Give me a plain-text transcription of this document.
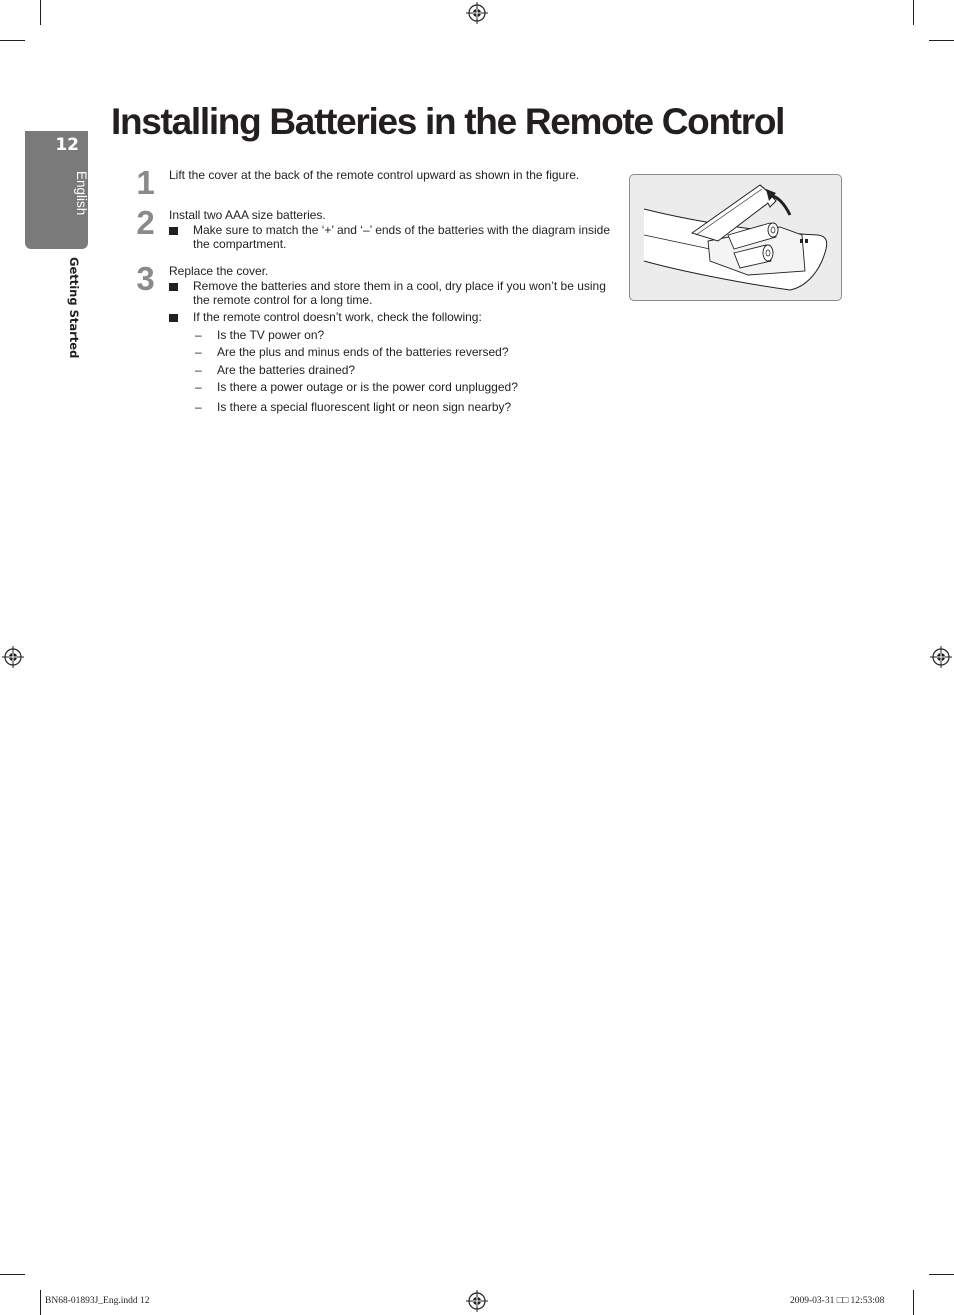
12
English
Getting Started
Installing Batteries in the Remote Control
1 Lift the cover at the back of the remote control upward as shown in the figure.
2 Install two AAA size batteries.
Make sure to match the ‘+’ and ‘–’ ends of the batteries with the diagram inside
the compartment.
3 Replace the cover.
Remove the batteries and store them in a cool, dry place if you won’t be using
the remote control for a long time.
If the remote control doesn’t work, check the following:
– Is the TV power on?
– Are the plus and minus ends of the batteries reversed?
– Are the batteries drained?
– Is there a power outage or is the power cord unplugged?
– Is there a special fluorescent light or neon sign nearby?
BN68-01893J_Eng.indd 12	2009-03-31 □□ 12:53:08
